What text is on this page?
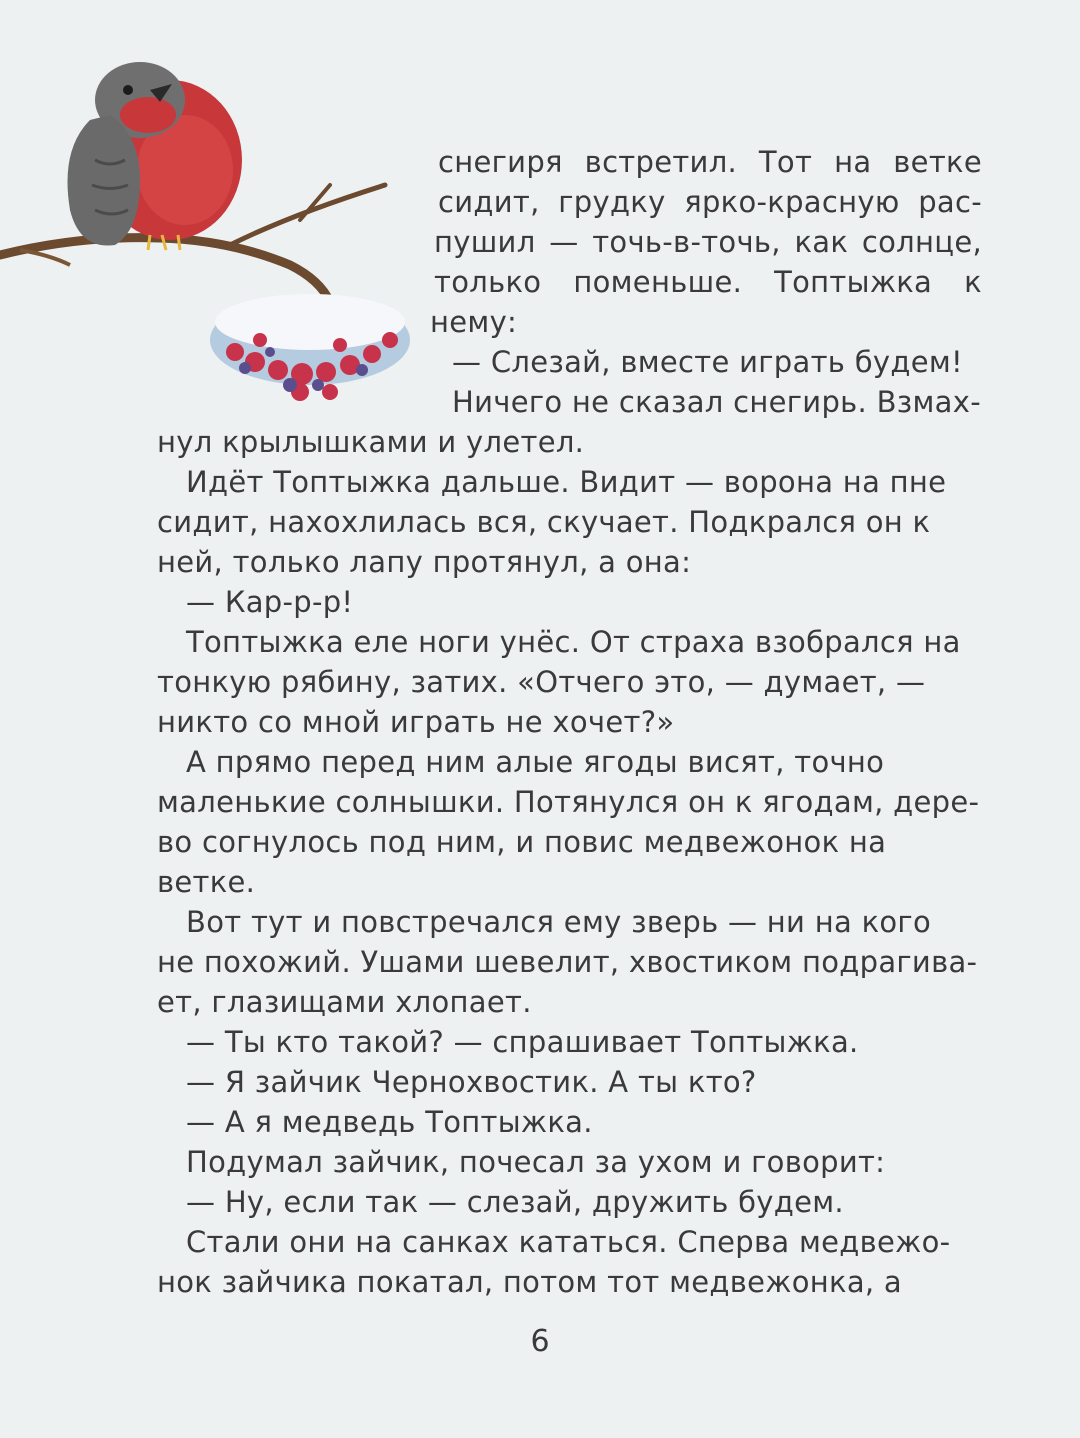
снегиря встретил. Тот на ветке
сидит, грудку ярко-красную рас-
пушил — точь-в-точь, как солнце,
только поменьше. Топтыжка к
нему:
— Слезай, вместе играть будем!
Ничего не сказал снегирь. Взмах-
нул крылышками и улетел.
Идёт Топтыжка дальше. Видит — ворона на пне
сидит, нахохлилась вся, скучает. Подкрался он к
ней, только лапу протянул, а она:
— Кар-р-р!
Топтыжка еле ноги унёс. От страха взобрался на
тонкую рябину, затих. «Отчего это, — думает, —
никто со мной играть не хочет?»
А прямо перед ним алые ягоды висят, точно
маленькие солнышки. Потянулся он к ягодам, дере-
во согнулось под ним, и повис медвежонок на
ветке.
Вот тут и повстречался ему зверь — ни на кого
не похожий. Ушами шевелит, хвостиком подрагива-
ет, глазищами хлопает.
— Ты кто такой? — спрашивает Топтыжка.
— Я зайчик Чернохвостик. А ты кто?
— А я медведь Топтыжка.
Подумал зайчик, почесал за ухом и говорит:
— Ну, если так — слезай, дружить будем.
Стали они на санках кататься. Сперва медвежо-
нок зайчика покатал, потом тот медвежонка, а
6
